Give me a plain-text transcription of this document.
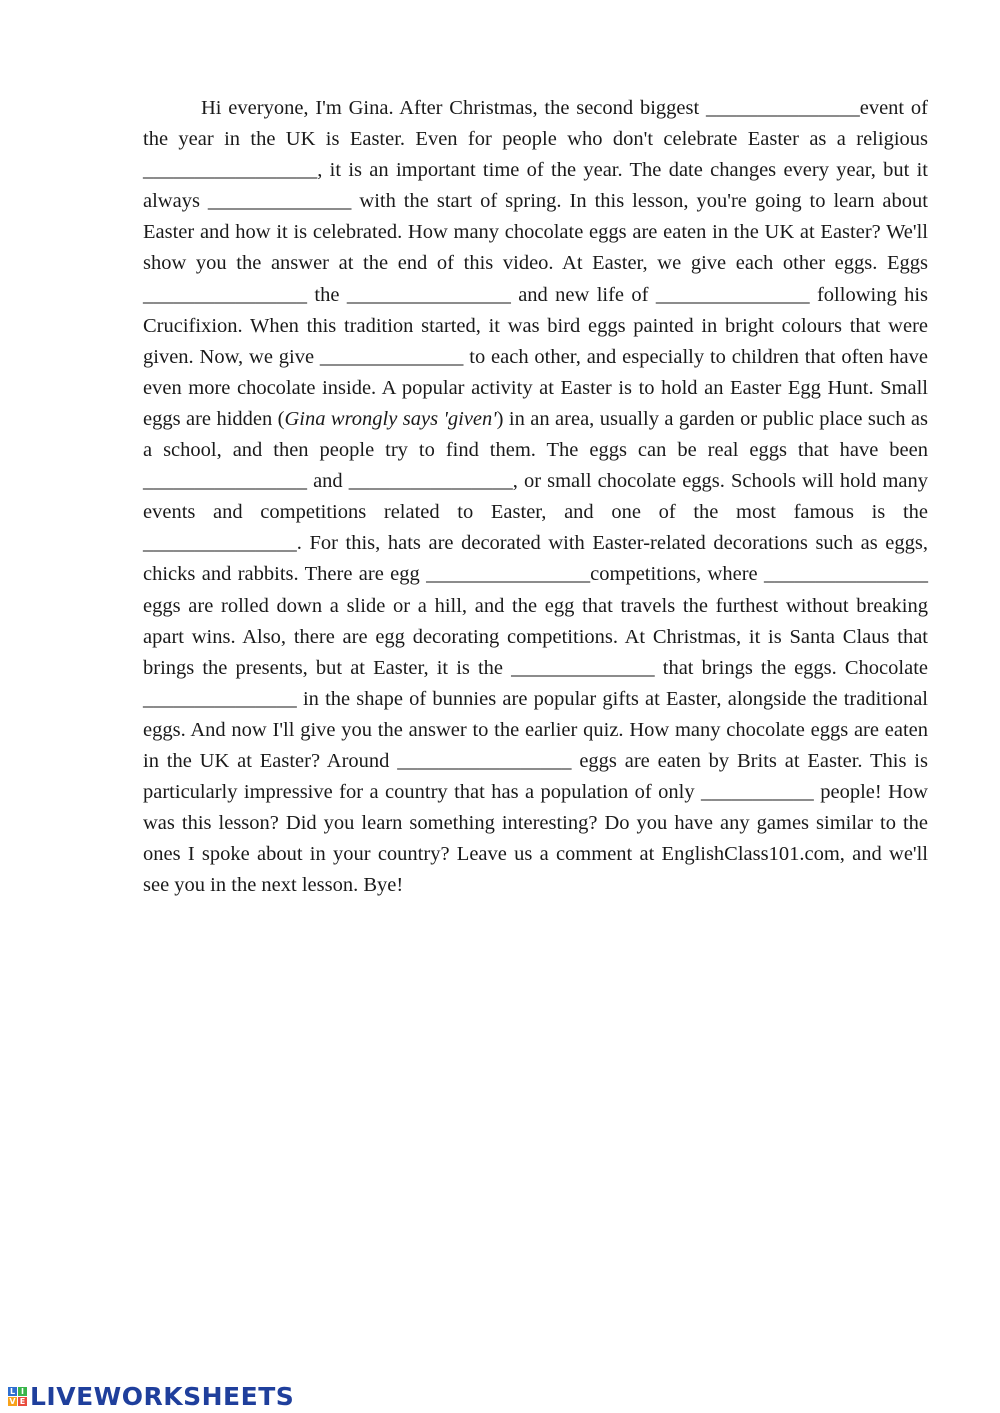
Hi everyone, I'm Gina. After Christmas, the second biggest _______________event of the year in the UK is Easter. Even for people who don't celebrate Easter as a religious _________________, it is an important time of the year. The date changes every year, but it always ______________ with the start of spring. In this lesson, you're going to learn about Easter and how it is celebrated. How many chocolate eggs are eaten in the UK at Easter? We'll show you the answer at the end of this video. At Easter, we give each other eggs. Eggs ________________ the ________________ and new life of _______________ following his Crucifixion. When this tradition started, it was bird eggs painted in bright colours that were given. Now, we give ______________ to each other, and especially to children that often have even more chocolate inside. A popular activity at Easter is to hold an Easter Egg Hunt. Small eggs are hidden (Gina wrongly says 'given') in an area, usually a garden or public place such as a school, and then people try to find them. The eggs can be real eggs that have been ________________ and ________________, or small chocolate eggs. Schools will hold many events and competitions related to Easter, and one of the most famous is the _______________. For this, hats are decorated with Easter-related decorations such as eggs, chicks and rabbits. There are egg ________________competitions, where ________________ eggs are rolled down a slide or a hill, and the egg that travels the furthest without breaking apart wins. Also, there are egg decorating competitions. At Christmas, it is Santa Claus that brings the presents, but at Easter, it is the ______________ that brings the eggs. Chocolate _______________ in the shape of bunnies are popular gifts at Easter, alongside the traditional eggs. And now I'll give you the answer to the earlier quiz. How many chocolate eggs are eaten in the UK at Easter? Around _________________ eggs are eaten by Brits at Easter. This is particularly impressive for a country that has a population of only ___________ people! How was this lesson? Did you learn something interesting? Do you have any games similar to the ones I spoke about in your country? Leave us a comment at EnglishClass101.com, and we'll see you in the next lesson. Bye!

L I
V E LIVEWORKSHEETS
